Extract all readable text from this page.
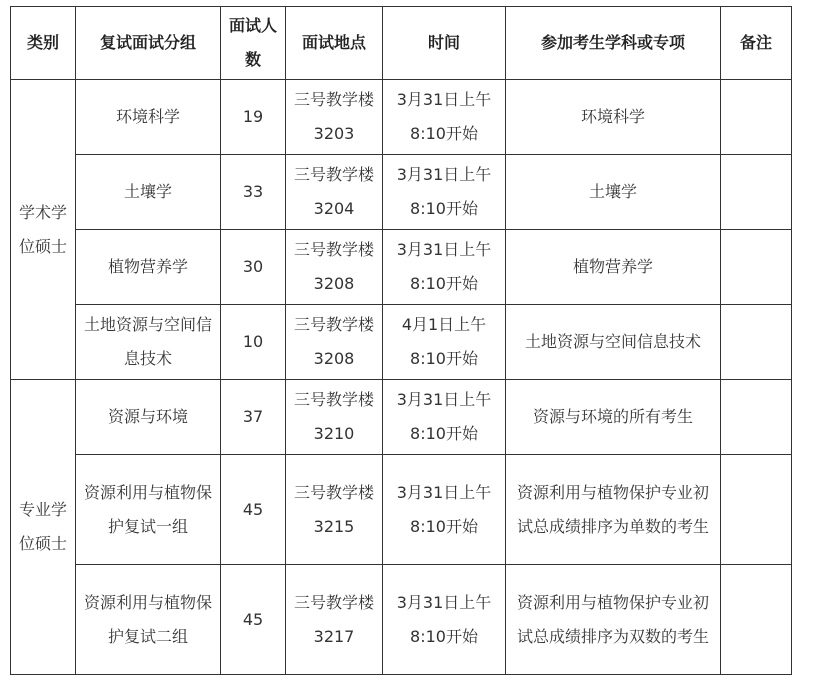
类别	复试面试分组	面试人数	面试地点	时间	参加考生学科或专项	备注

学术学位硕士	环境科学	19	三号教学楼3203	3月31日上午8:10开始	环境科学	

	土壤学	33	三号教学楼3204	3月31日上午8:10开始	土壤学	

	植物营养学	30	三号教学楼3208	3月31日上午8:10开始	植物营养学	

	土地资源与空间信息技术	10	三号教学楼3208	4月1日上午8:10开始	土地资源与空间信息技术	

专业学位硕士	资源与环境	37	三号教学楼3210	3月31日上午8:10开始	资源与环境的所有考生	

	资源利用与植物保护复试一组	45	三号教学楼3215	3月31日上午8:10开始	资源利用与植物保护专业初试总成绩排序为单数的考生	

	资源利用与植物保护复试二组	45	三号教学楼3217	3月31日上午8:10开始	资源利用与植物保护专业初试总成绩排序为双数的考生	
